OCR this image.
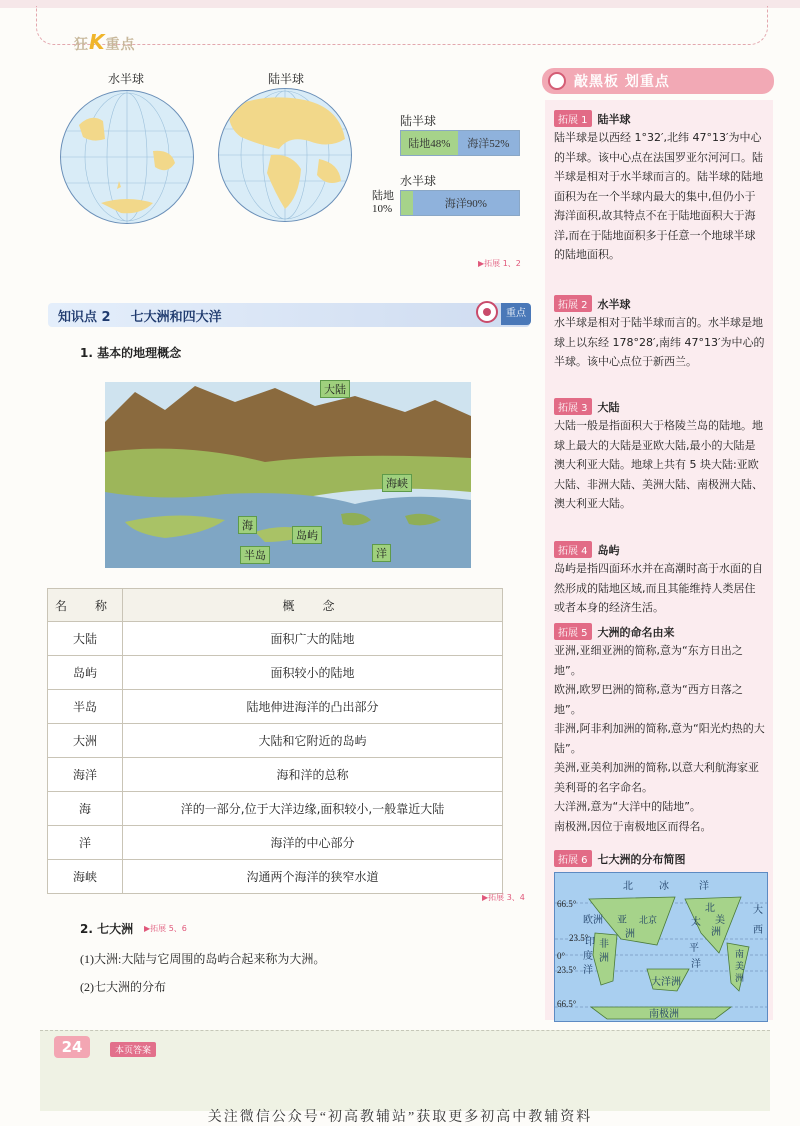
狂K重点
水半球	陆半球
陆半球
陆地48%	海洋52%
水半球
陆地
10%	海洋90%
▶拓展 1、2
知识点 2 七大洲和四大洋	重点
1. 基本的地理概念
大陆
海峡
海
岛屿
半岛	洋
名　称	概　念
大陆	面积广大的陆地
岛屿	面积较小的陆地
半岛	陆地伸进海洋的凸出部分
大洲	大陆和它附近的岛屿
海洋	海和洋的总称
海	洋的一部分,位于大洋边缘,面积较小,一般靠近大陆
洋	海洋的中心部分
海峡	沟通两个海洋的狭窄水道
▶拓展 3、4
2. 七大洲 ▶拓展 5、6
(1)大洲:大陆与它周围的岛屿合起来称为大洲。
(2)七大洲的分布
敲黑板 划重点
拓展 1 陆半球

陆半球是以西经 1°32′,北纬 47°13′为中心的半球。该中心点在法国罗亚尔河河口。陆半球是相对于水半球而言的。陆半球的陆地面积为在一个半球内最大的集中,但仍小于海洋面积,故其特点不在于陆地面积大于海洋,而在于陆地面积多于任意一个地球半球的陆地面积。

拓展 2 水半球

水半球是相对于陆半球而言的。水半球是地球上以东经 178°28′,南纬 47°13′为中心的半球。该中心点位于新西兰。

拓展 3 大陆

大陆一般是指面积大于格陵兰岛的陆地。地球上最大的大陆是亚欧大陆,最小的大陆是澳大利亚大陆。地球上共有 5 块大陆:亚欧大陆、非洲大陆、美洲大陆、南极洲大陆、澳大利亚大陆。

拓展 4 岛屿

岛屿是指四面环水并在高潮时高于水面的自然形成的陆地区域,而且其能维持人类居住或者本身的经济生活。

拓展 5 大洲的命名由来

亚洲,亚细亚洲的简称,意为“东方日出之地”。

欧洲,欧罗巴洲的简称,意为“西方日落之地”。

非洲,阿非利加洲的简称,意为“阳光灼热的大陆”。

美洲,亚美利加洲的简称,以意大利航海家亚美利哥的名字命名。

大洋洲,意为“大洋中的陆地”。

南极洲,因位于南极地区而得名。

拓展 6 七大洲的分布简图
北	冰	洋
欧洲 亚
洲
北京
北
美
洲
太
平
洋
大
西
非
洲
印
度
洋
大洋洲
南
美
洲
南极洲
66.5°
23.5°
0°
23.5°
66.5°
24	本页答案
关注微信公众号“初高教辅站”获取更多初高中教辅资料
